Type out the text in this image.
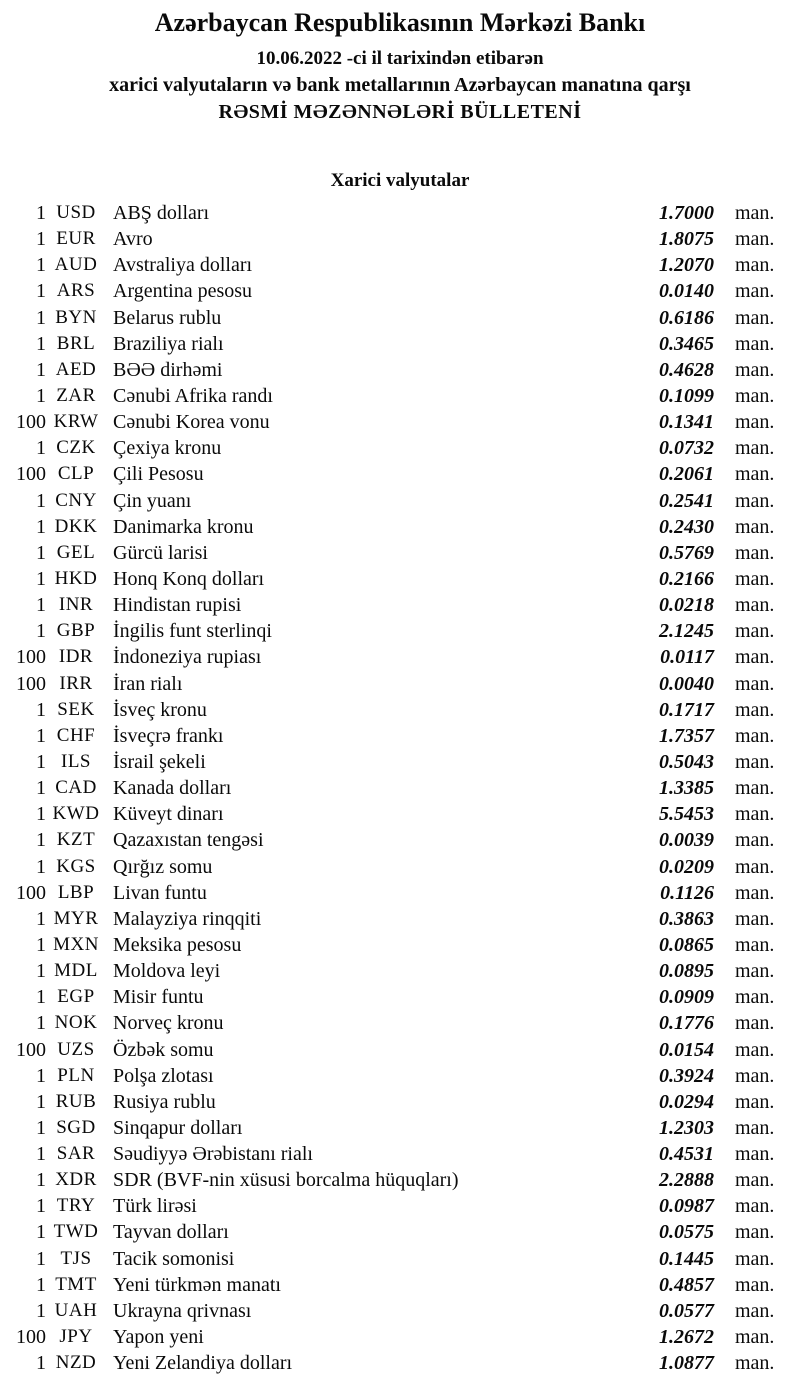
Azərbaycan Respublikasının Mərkəzi Bankı
10.06.2022 -ci il tarixindən etibarən
xarici valyutaların və bank metallarının Azərbaycan manatına qarşı
RƏSMİ MƏZƏNNƏLƏRİ BÜLLETENİ
Xarici valyutalar
1 USD ABŞ dolları	1.7000	man.
1 EUR Avro	1.8075	man.
1 AUD Avstraliya dolları	1.2070	man.
1 ARS Argentina pesosu	0.0140	man.
1 BYN Belarus rublu	0.6186	man.
1 BRL Braziliya rialı	0.3465	man.
1 AED BƏƏ dirhəmi	0.4628	man.
1 ZAR Cənubi Afrika randı	0.1099	man.
100 KRW Cənubi Korea vonu	0.1341	man.
1 CZK Çexiya kronu	0.0732	man.
100 CLP Çili Pesosu	0.2061	man.
1 CNY Çin yuanı	0.2541	man.
1 DKK Danimarka kronu	0.2430	man.
1 GEL Gürcü larisi	0.5769	man.
1 HKD Honq Konq dolları	0.2166	man.
1 INR Hindistan rupisi	0.0218	man.
1 GBP İngilis funt sterlinqi	2.1245	man.
100 IDR İndoneziya rupiası	0.0117	man.
100 IRR	İran rialı	0.0040	man.
1 SEK İsveç kronu	0.1717	man.
1 CHF İsveçrə frankı	1.7357	man.
1 ILS	İsrail şekeli	0.5043	man.
1 CAD Kanada dolları	1.3385	man.
1 KWD Küveyt dinarı	5.5453	man.
1 KZT Qazaxıstan tengəsi	0.0039	man.
1 KGS Qırğız somu	0.0209	man.
100 LBP Livan funtu	0.1126	man.
1 MYR Malayziya rinqqiti	0.3863	man.
1 MXN Meksika pesosu	0.0865	man.
1 MDL Moldova leyi	0.0895	man.
1 EGP Misir funtu	0.0909	man.
1 NOK Norveç kronu	0.1776	man.
100 UZS Özbək somu	0.0154	man.
1 PLN Polşa zlotası	0.3924	man.
1 RUB Rusiya rublu	0.0294	man.
1 SGD Sinqapur dolları	1.2303	man.
1 SAR Səudiyyə Ərəbistanı rialı	0.4531	man.
1 XDR SDR (BVF-nin xüsusi borcalma hüquqları)	2.2888	man.
1 TRY Türk lirəsi	0.0987	man.
1 TWD Tayvan dolları	0.0575	man.
1 TJS	Tacik somonisi	0.1445	man.
1 TMT Yeni türkmən manatı	0.4857	man.
1 UAH Ukrayna qrivnası	0.0577	man.
100 JPY	Yapon yeni	1.2672	man.
1 NZD Yeni Zelandiya dolları	1.0877	man.
